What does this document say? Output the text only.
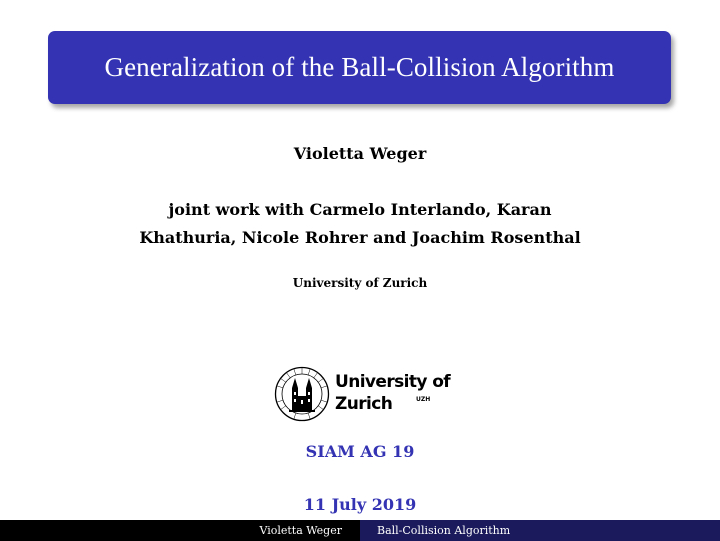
Generalization of the Ball-Collision Algorithm
Violetta Weger
joint work with Carmelo Interlando, Karan
Khathuria, Nicole Rohrer and Joachim Rosenthal
University of Zurich
University of
Zurich	UZH
SIAM AG 19
11 July 2019
Violetta Weger	Ball-Collision Algorithm
